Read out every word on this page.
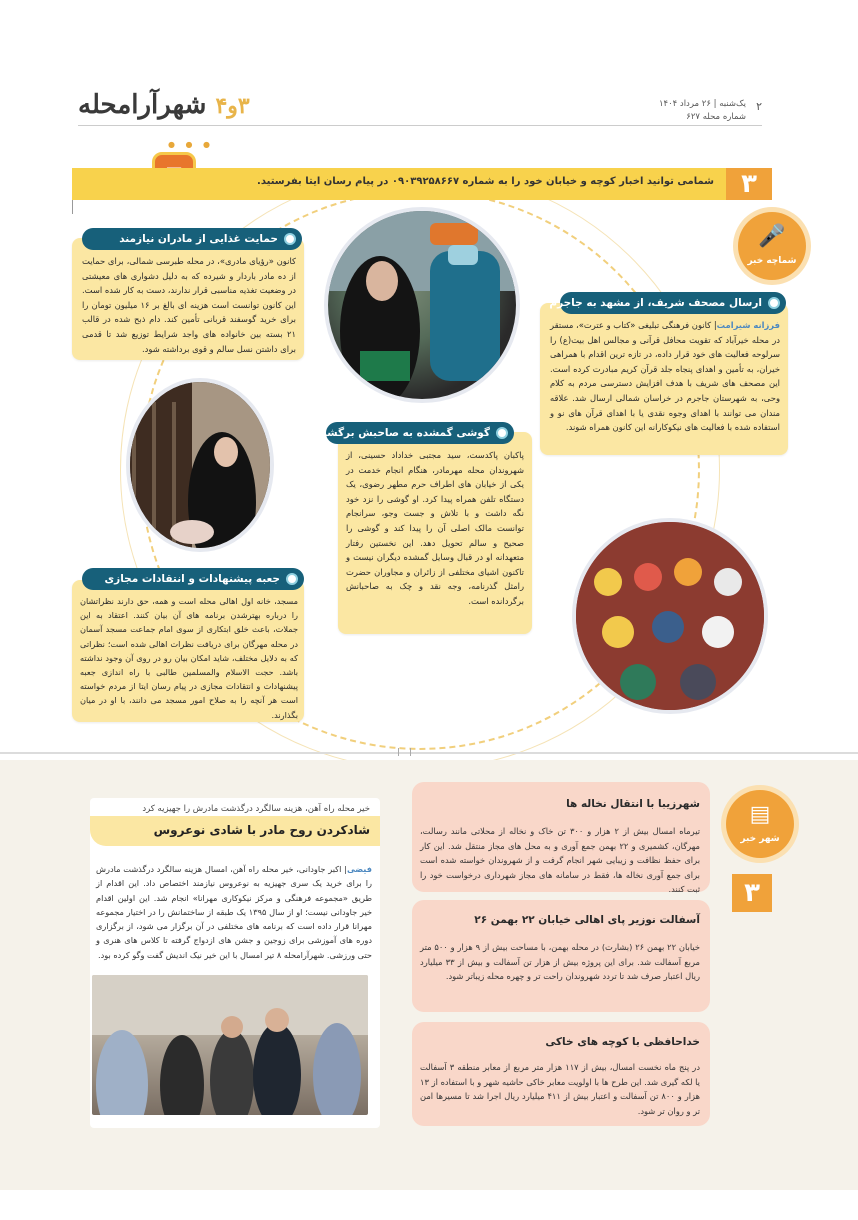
۳و۴ شهرآرامحله	۲
یک‌شنبه | ۲۶ مرداد ۱۴۰۴
شماره محله ۶۲۷
● ● ●
شمامی توانید اخبار کوچه و خیابان خود را به شماره ۰۹۰۳۹۲۵۸۶۶۷ در پیام رسان ایتا بفرستید.	۳
🎤
شماچه خبر
حمایت غذایی از مادران نیازمند
کانون «رؤیای مادری»، در محله طبرسی شمالی، برای حمایت از ده مادر باردار و شیرده که به دلیل دشواری های معیشتی در وضعیت تغذیه مناسبی قرار ندارند، دست به کار شده است. این کانون توانست است هزینه ای بالغ بر ۱۶ میلیون تومان را برای خرید گوسفند قربانی تأمین کند. دام ذبح شده در قالب ۲۱ بسته بین خانواده های واجد شرایط توزیع شد تا قدمی برای داشتن نسل سالم و قوی برداشته شود.
ارسال مصحف شریف، از مشهد به جاجرم
فرزانه شیرامت| کانون فرهنگی تبلیغی «کتاب و عترت»، مستقر در محله خیرآباد که تقویت محافل قرآنی و مجالس اهل بیت(ع) را سرلوحه فعالیت های خود قرار داده، در تازه ترین اقدام با همراهی خیران، به تأمین و اهدای پنجاه جلد قرآن کریم مبادرت کرده است. این مصحف های شریف با هدف افزایش دسترسی مردم به کلام وحی، به شهرستان جاجرم در خراسان شمالی ارسال شد. علاقه مندان می توانند با اهدای وجوه نقدی یا با اهدای قرآن های نو و استفاده شده با فعالیت های نیکوکارانه این کانون همراه شوند.
گوشی گمشده به صاحبش برگشت
پاکبان پاکدست، سید مجتبی خداداد حسینی، از شهروندان محله مهرمادر، هنگام انجام خدمت در یکی از خیابان های اطراف حرم مطهر رضوی، یک دستگاه تلفن همراه پیدا کرد. او گوشی را نزد خود نگه داشت و با تلاش و جست وجو، سرانجام توانست مالک اصلی آن را پیدا کند و گوشی را صحیح و سالم تحویل دهد. این نخستین رفتار متعهدانه او در قبال وسایل گمشده دیگران نیست و تاکنون اشیای مختلفی از زائران و مجاوران حضرت رامثل گذرنامه، وجه نقد و چک به صاحبانش برگردانده است.
جعبه پیشنهادات و انتقادات مجازی
مسجد، خانه اول اهالی محله است و همه، حق دارند نظراتشان را درباره بهترشدن برنامه های آن بیان کنند. اعتقاد به این جملات، باعث خلق ابتکاری از سوی امام جماعت مسجد آسمان در محله مهرگان برای دریافت نظرات اهالی شده است؛ نظراتی که به دلایل مختلف، شاید امکان بیان رو در روی آن وجود نداشته باشد. حجت الاسلام والمسلمین طالبی با راه اندازی جعبه پیشنهادات و انتقادات مجازی در پیام رسان ایتا از مردم خواسته است هر آنچه را به صلاح امور مسجد می دانند، با او در میان بگذارند.
▤
شهر خبر
۳
شهرزیبا با انتقال نخاله ها
تیرماه امسال بیش از ۲ هزار و ۳۰۰ تن خاک و نخاله از محلاتی مانند رسالت، مهرگان، کشمیری و ۲۲ بهمن جمع آوری و به محل های مجاز منتقل شد. این کار برای حفظ نظافت و زیبایی شهر انجام گرفت و از شهروندان خواسته شده است برای جمع آوری نخاله ها، فقط در سامانه های مجاز شهرداری درخواست خود را ثبت کنند.
آسفالت نوزیر پای اهالی خیابان ۲۲ بهمن ۲۶
خیابان ۲۲ بهمن ۲۶ (بشارت) در محله بهمن، با مساحت بیش از ۹ هزار و ۵۰۰ متر مربع آسفالت شد. برای این پروژه بیش از هزار تن آسفالت و بیش از ۳۳ میلیارد ریال اعتبار صرف شد تا تردد شهروندان راحت تر و چهره محله زیباتر شود.
خداحافظی با کوچه های خاکی
در پنج ماه نخست امسال، بیش از ۱۱۷ هزار متر مربع از معابر منطقه ۳ آسفالت یا لکه گیری شد. این طرح ها با اولویت معابر خاکی حاشیه شهر و با استفاده از ۱۳ هزار و ۸۰۰ تن آسفالت و اعتبار بیش از ۴۱۱ میلیارد ریال اجرا شد تا مسیرها امن تر و روان تر شود.
خیر محله راه آهن، هزینه سالگرد درگذشت مادرش را جهیزیه کرد
شادکردن روح مادر با شادی نوعروس
فیضی| اکبر جاودانی، خیر محله راه آهن، امسال هزینه سالگرد درگذشت مادرش را برای خرید یک سری جهیزیه به نوعروس نیازمند اختصاص داد. این اقدام از طریق «مجموعه فرهنگی و مرکز نیکوکاری مهرانا» انجام شد. این اولین اقدام خیر جاودانی نیست؛ او از سال ۱۳۹۵ یک طبقه از ساختمانش را در اختیار مجموعه مهرانا قرار داده است که برنامه های مختلفی در آن برگزار می شود، از برگزاری دوره های آموزشی برای زوجین و جشن های ازدواج گرفته تا کلاس های هنری و حتی ورزشی. شهرآرامحله ۸ تیر امسال با این خیر نیک اندیش گفت وگو کرده بود.
